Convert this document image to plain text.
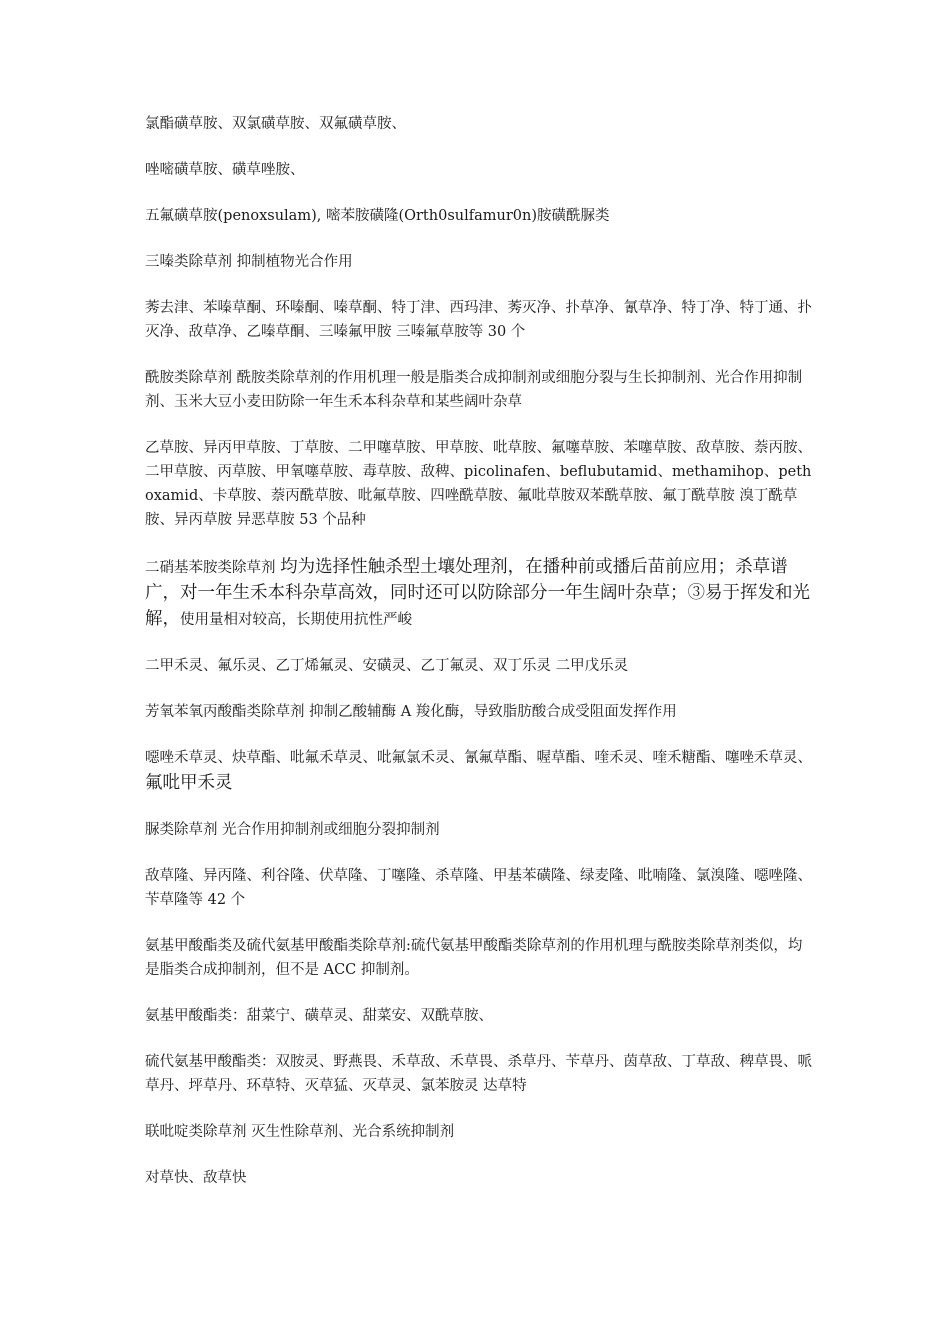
氯酯磺草胺、双氯磺草胺、双氟磺草胺、

唑嘧磺草胺、磺草唑胺、

五氟磺草胺(penoxsulam), 嘧苯胺磺隆(Orth0sulfamur0n)胺磺酰脲类

三嗪类除草剂 抑制植物光合作用

莠去津、苯嗪草酮、环嗪酮、嗪草酮、特丁津、西玛津、莠灭净、扑草净、氰草净、特丁净、特丁通、扑灭净、敌草净、乙嗪草酮、三嗪氟甲胺 三嗪氟草胺等 30 个

酰胺类除草剂 酰胺类除草剂的作用机理一般是脂类合成抑制剂或细胞分裂与生长抑制剂、光合作用抑制剂、玉米大豆小麦田防除一年生禾本科杂草和某些阔叶杂草

乙草胺、异丙甲草胺、丁草胺、二甲噻草胺、甲草胺、吡草胺、氟噻草胺、苯噻草胺、敌草胺、萘丙胺、二甲草胺、丙草胺、甲氧噻草胺、毒草胺、敌稗、picolinafen、beflubutamid、methamihop、pethoxamid、卡草胺、萘丙酰草胺、吡氟草胺、四唑酰草胺、氟吡草胺双苯酰草胺、氟丁酰草胺 溴丁酰草胺、异丙草胺 异恶草胺 53 个品种

二硝基苯胺类除草剂 均为选择性触杀型土壤处理剂，在播种前或播后苗前应用；杀草谱广，对一年生禾本科杂草高效，同时还可以防除部分一年生阔叶杂草；③易于挥发和光解，使用量相对较高，长期使用抗性严峻

二甲禾灵、氟乐灵、乙丁烯氟灵、安磺灵、乙丁氟灵、双丁乐灵 二甲戊乐灵

芳氧苯氧丙酸酯类除草剂 抑制乙酸辅酶 A 羧化酶，导致脂肪酸合成受阻面发挥作用

噁唑禾草灵、炔草酯、吡氟禾草灵、吡氟氯禾灵、氰氟草酯、喔草酯、喹禾灵、喹禾糖酯、噻唑禾草灵、氟吡甲禾灵

脲类除草剂 光合作用抑制剂或细胞分裂抑制剂

敌草隆、异丙隆、利谷隆、伏草隆、丁噻隆、杀草隆、甲基苯磺隆、绿麦隆、吡喃隆、氯溴隆、噁唑隆、苄草隆等 42 个

氨基甲酸酯类及硫代氨基甲酸酯类除草剂:硫代氨基甲酸酯类除草剂的作用机理与酰胺类除草剂类似，均是脂类合成抑制剂，但不是 ACC 抑制剂。

氨基甲酸酯类：甜菜宁、磺草灵、甜菜安、双酰草胺、

硫代氨基甲酸酯类：双胺灵、野燕畏、禾草敌、禾草畏、杀草丹、苄草丹、茵草敌、丁草敌、稗草畏、哌草丹、坪草丹、环草特、灭草猛、灭草灵、氯苯胺灵 达草特

联吡啶类除草剂 灭生性除草剂、光合系统抑制剂

对草快、敌草快
